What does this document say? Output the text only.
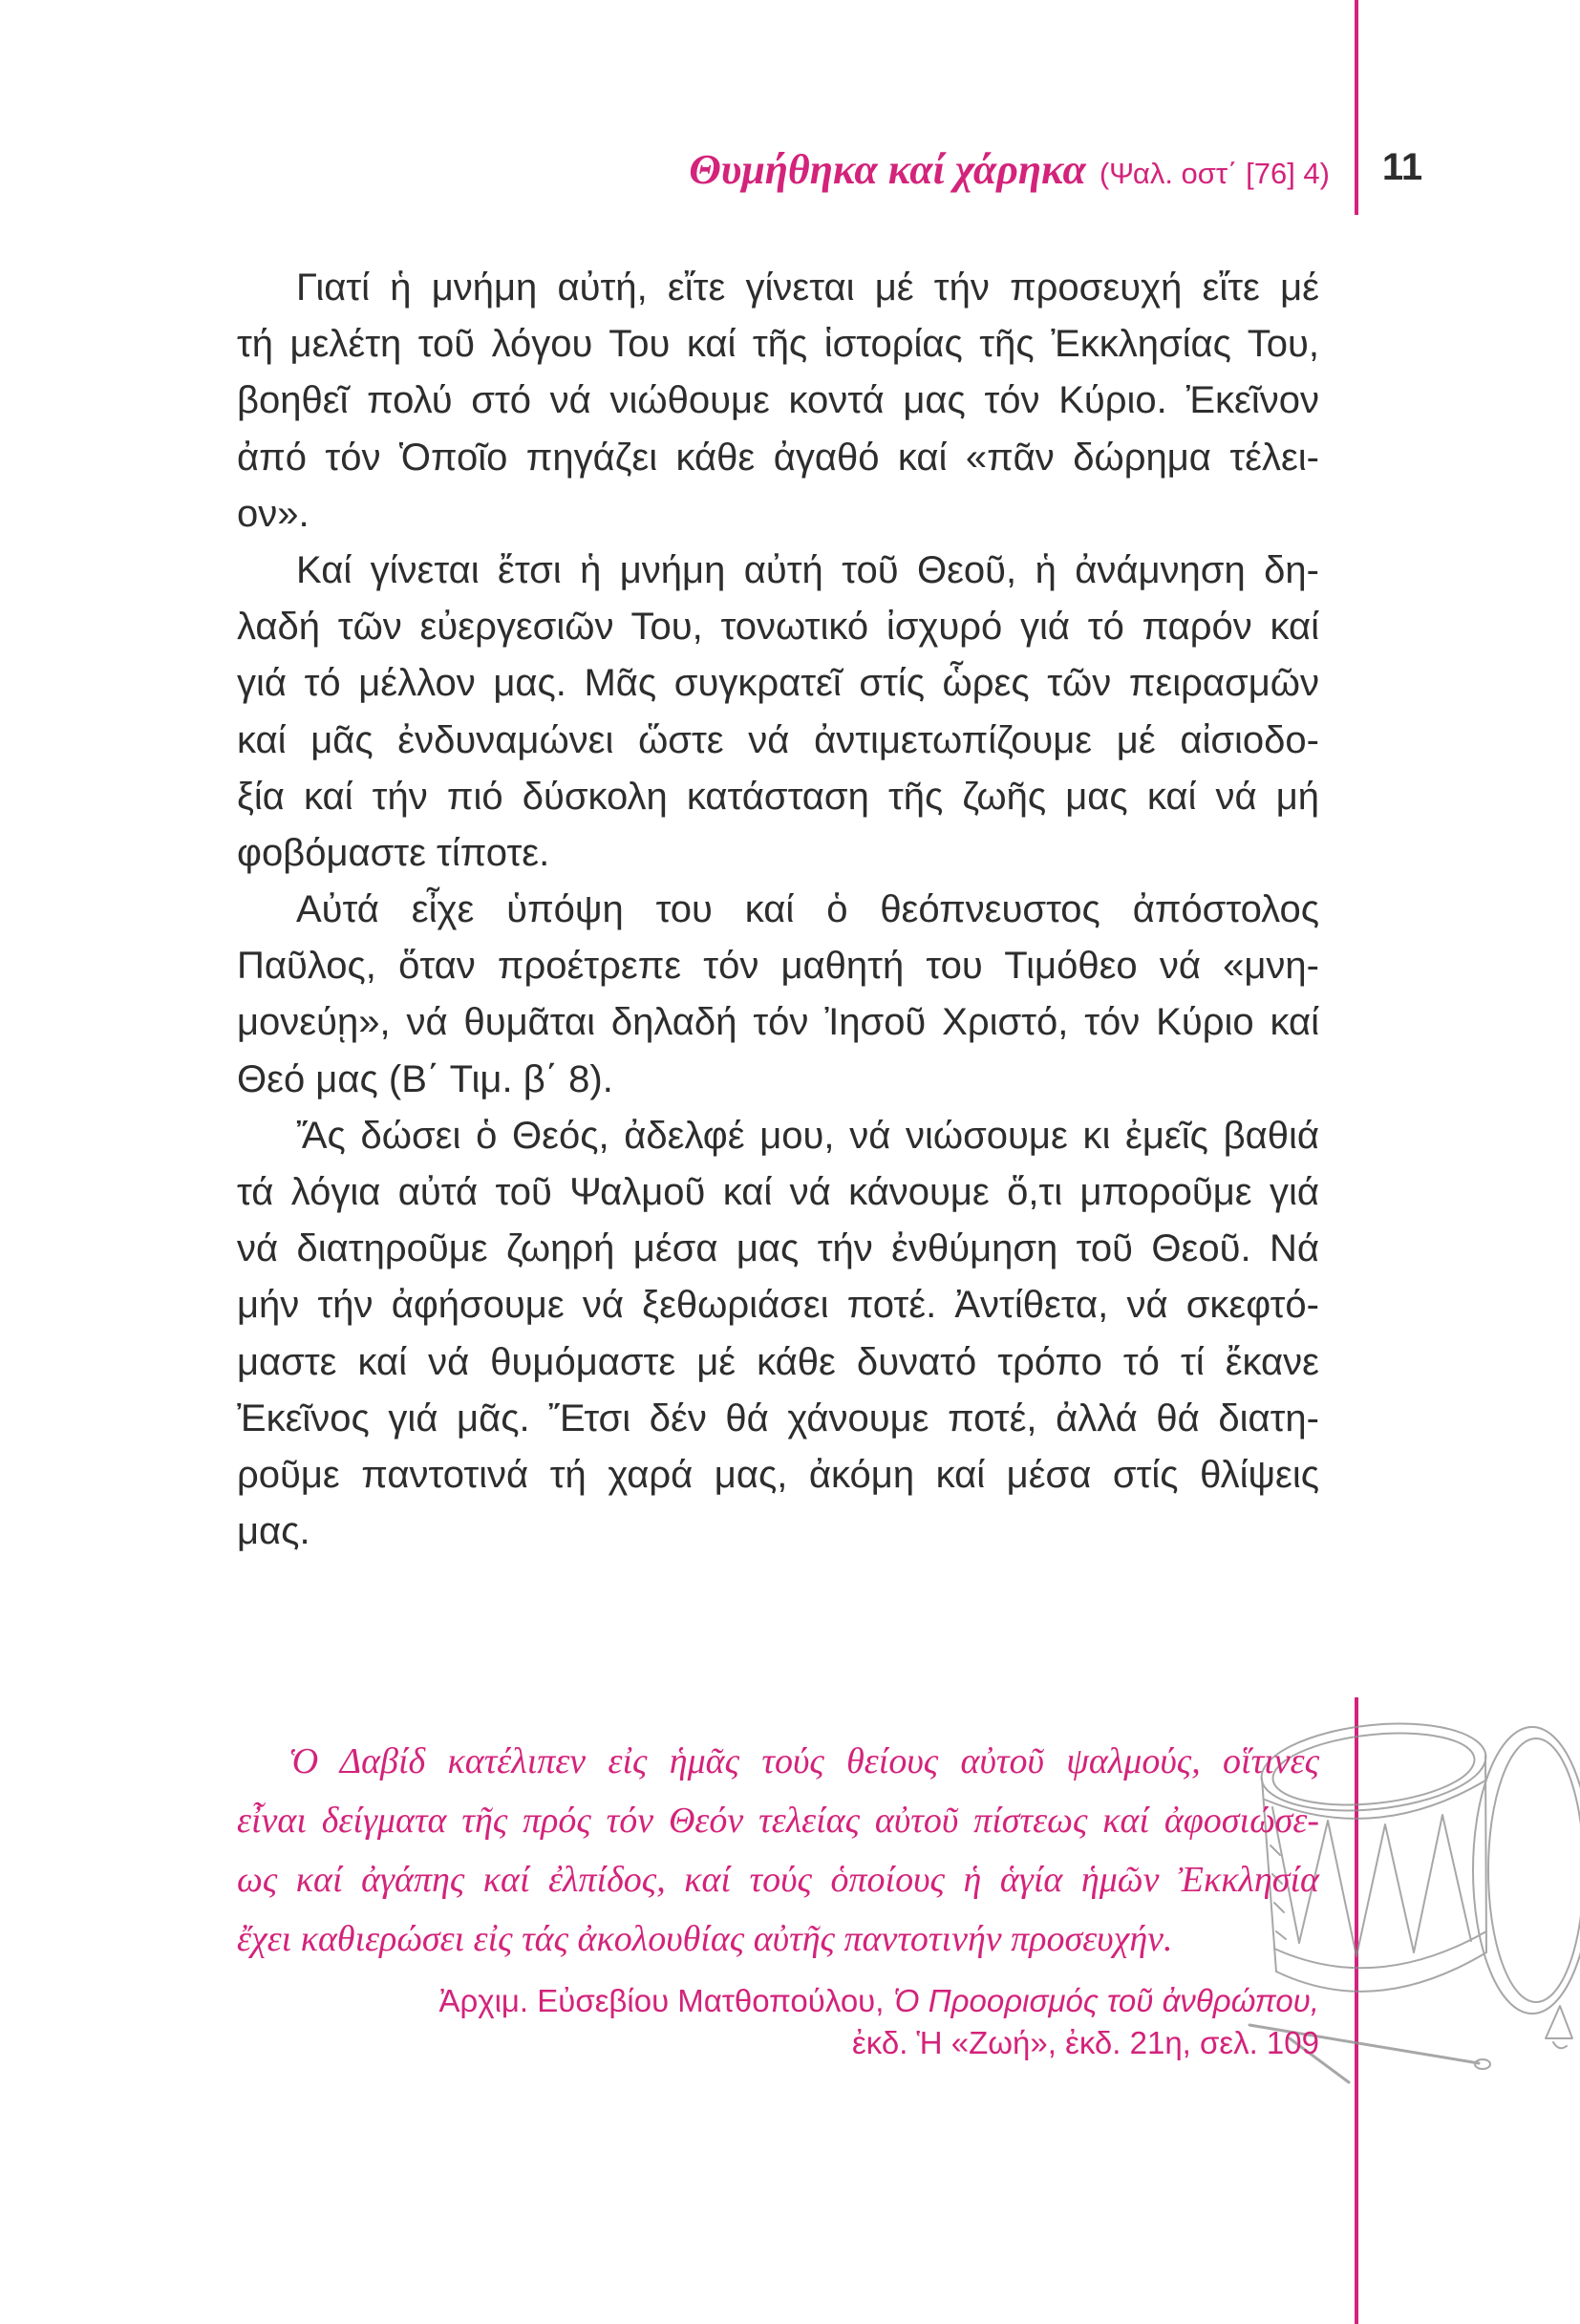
Θυμήθηκα καί χάρηκα (Ψαλ. οστ΄ [76] 4) 11
Γιατί ἡ μνήμη αὐτή, εἴτε γίνεται μέ τήν προσευχή εἴτε μέ
τή μελέτη τοῦ λόγου Του καί τῆς ἱστορίας τῆς Ἐκκλησίας Του,
βοηθεῖ πολύ στό νά νιώθουμε κοντά μας τόν Κύριο. Ἐκεῖνον
ἀπό τόν Ὁποῖο πηγάζει κάθε ἀγαθό καί «πᾶν δώρημα τέλει-
ον».
Καί γίνεται ἔτσι ἡ μνήμη αὐτή τοῦ Θεοῦ, ἡ ἀνάμνηση δη-
λαδή τῶν εὐεργεσιῶν Του, τονωτικό ἰσχυρό γιά τό παρόν καί
γιά τό μέλλον μας. Μᾶς συγκρατεῖ στίς ὧρες τῶν πειρασμῶν
καί μᾶς ἐνδυναμώνει ὥστε νά ἀντιμετωπίζουμε μέ αἰσιοδο-
ξία καί τήν πιό δύσκολη κατάσταση τῆς ζωῆς μας καί νά μή
φοβόμαστε τίποτε.
Αὐτά εἶχε ὑπόψη του καί ὁ θεόπνευστος ἀπόστολος
Παῦλος, ὅταν προέτρεπε τόν μαθητή του Τιμόθεο νά «μνη-
μονεύῃ», νά θυμᾶται δηλαδή τόν Ἰησοῦ Χριστό, τόν Κύριο καί
Θεό μας (Β΄ Τιμ. β΄ 8).
Ἄς δώσει ὁ Θεός, ἀδελφέ μου, νά νιώσουμε κι ἐμεῖς βαθιά
τά λόγια αὐτά τοῦ Ψαλμοῦ καί νά κάνουμε ὅ,τι μποροῦμε γιά
νά διατηροῦμε ζωηρή μέσα μας τήν ἐνθύμηση τοῦ Θεοῦ. Νά
μήν τήν ἀφήσουμε νά ξεθωριάσει ποτέ. Ἀντίθετα, νά σκεφτό-
μαστε καί νά θυμόμαστε μέ κάθε δυνατό τρόπο τό τί ἔκανε
Ἐκεῖνος γιά μᾶς. Ἔτσι δέν θά χάνουμε ποτέ, ἀλλά θά διατη-
ροῦμε παντοτινά τή χαρά μας, ἀκόμη καί μέσα στίς θλίψεις
μας.
Ὁ Δαβίδ κατέλιπεν εἰς ἡμᾶς τούς θείους αὐτοῦ ψαλμούς, οἵτινες
εἶναι δείγματα τῆς πρός τόν Θεόν τελείας αὐτοῦ πίστεως καί ἀφοσιώσε-
ως καί ἀγάπης καί ἐλπίδος, καί τούς ὁποίους ἡ ἁγία ἡμῶν Ἐκκλησία
ἔχει καθιερώσει εἰς τάς ἀκολουθίας αὐτῆς παντοτινήν προσευχήν.
Ἀρχιμ. Εὐσεβίου Ματθοπούλου, Ὁ Προορισμός τοῦ ἀνθρώπου,
ἐκδ. Ἡ «Ζωή», ἐκδ. 21η, σελ. 109
